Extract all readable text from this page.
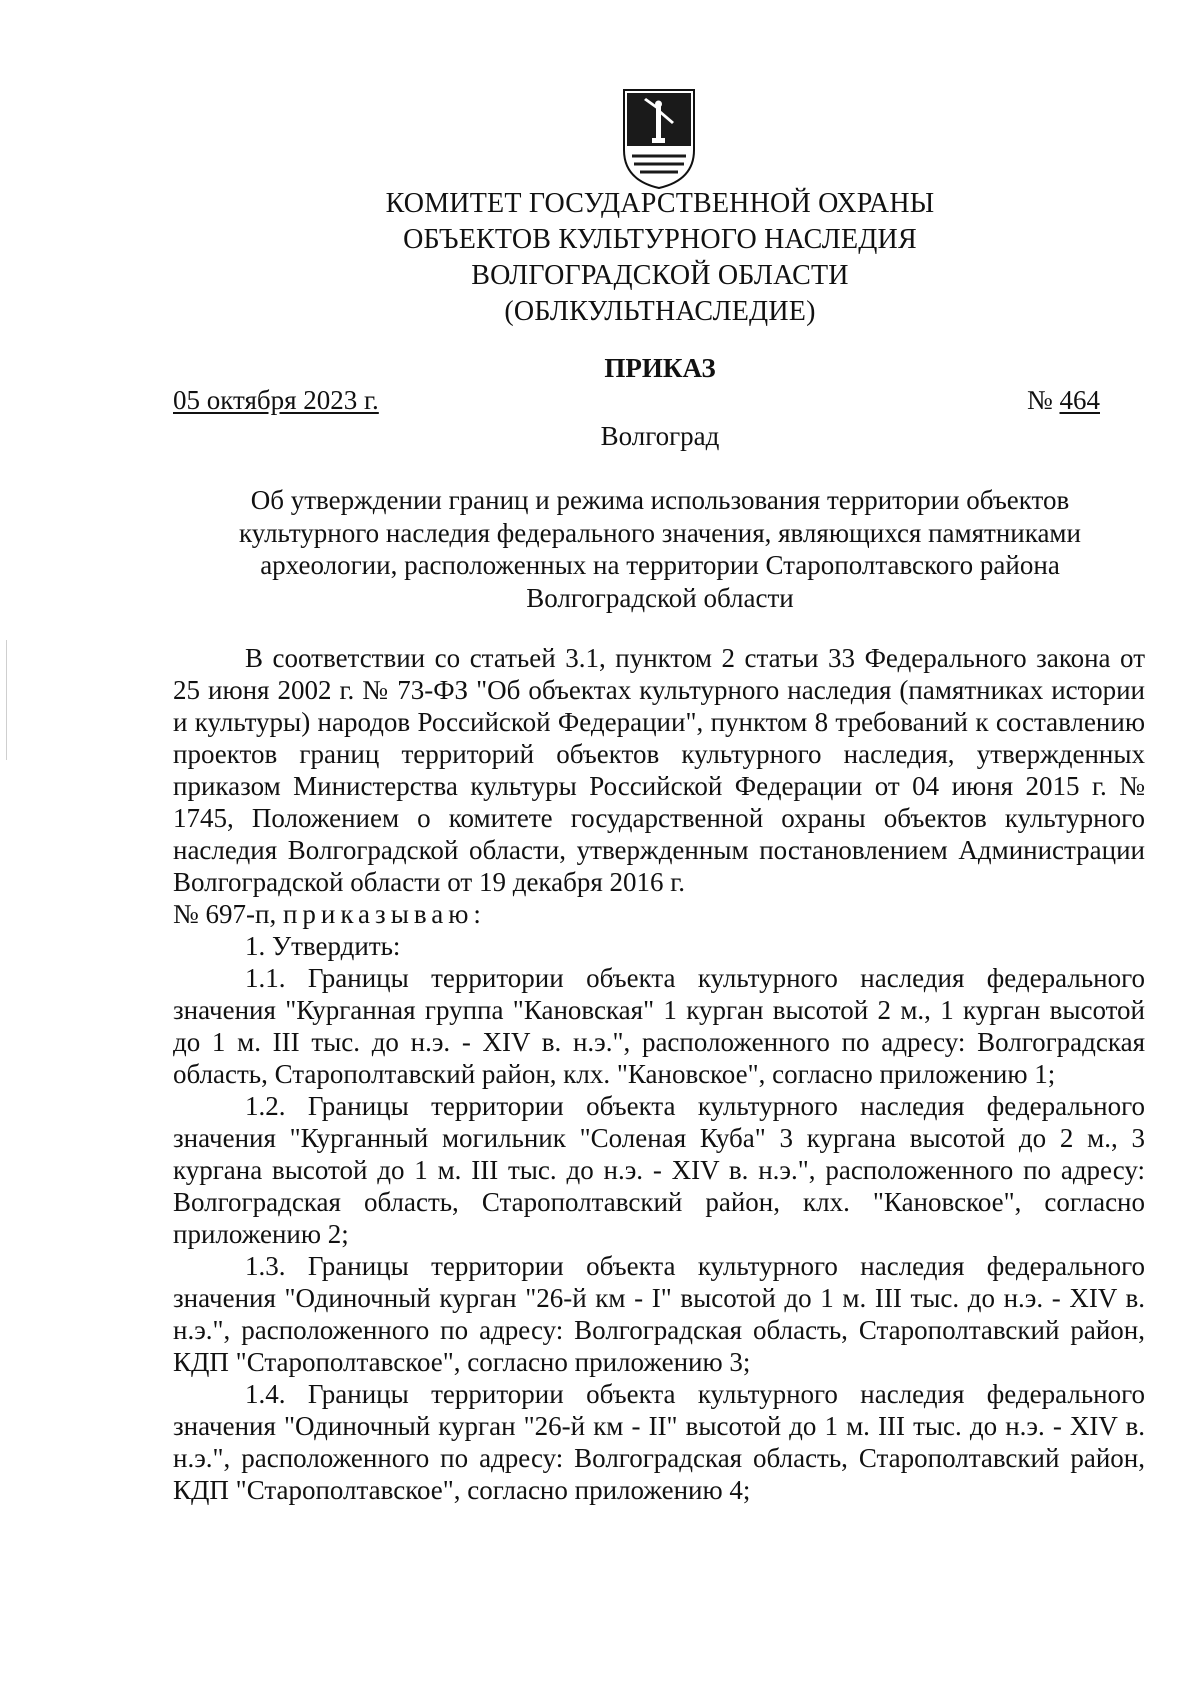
КОМИТЕТ ГОСУДАРСТВЕННОЙ ОХРАНЫ
ОБЪЕКТОВ КУЛЬТУРНОГО НАСЛЕДИЯ
ВОЛГОГРАДСКОЙ ОБЛАСТИ
(ОБЛКУЛЬТНАСЛЕДИЕ)
ПРИКАЗ
05 октября 2023 г.	№ 464
Волгоград
Об утверждении границ и режима использования территории объектов
культурного наследия федерального значения, являющихся памятниками
археологии, расположенных на территории Старополтавского района
Волгоградской области

В соответствии со статьей 3.1, пунктом 2 статьи 33 Федерального закона от 25 июня 2002 г. № 73-ФЗ "Об объектах культурного наследия (памятниках истории и культуры) народов Российской Федерации", пунктом 8 требований к составлению проектов границ территорий объектов культурного наследия, утвержденных приказом Министерства культуры Российской Федерации от 04 июня 2015 г. № 1745, Положением о комитете государственной охраны объектов культурного наследия Волгоградской области, утвержденным постановлением Администрации Волгоградской области от 19 декабря 2016 г.

№ 697-п, приказываю:

1. Утвердить:

1.1. Границы территории объекта культурного наследия федерального значения "Курганная группа "Кановская" 1 курган высотой 2 м., 1 курган высотой до 1 м. III тыс. до н.э. - XIV в. н.э.", расположенного по адресу: Волгоградская область, Старополтавский район, клх. "Кановское", согласно приложению 1;

1.2. Границы территории объекта культурного наследия федерального значения "Курганный могильник "Соленая Куба" 3 кургана высотой до 2 м., 3 кургана высотой до 1 м. III тыс. до н.э. - XIV в. н.э.", расположенного по адресу: Волгоградская область, Старополтавский район, клх. "Кановское", согласно приложению 2;

1.3. Границы территории объекта культурного наследия федерального значения "Одиночный курган "26-й км - I" высотой до 1 м. III тыс. до н.э. - XIV в. н.э.", расположенного по адресу: Волгоградская область, Старополтавский район, КДП "Старополтавское", согласно приложению 3;

1.4. Границы территории объекта культурного наследия федерального значения "Одиночный курган "26-й км - II" высотой до 1 м. III тыс. до н.э. - XIV в. н.э.", расположенного по адресу: Волгоградская область, Старополтавский район, КДП "Старополтавское", согласно приложению 4;
